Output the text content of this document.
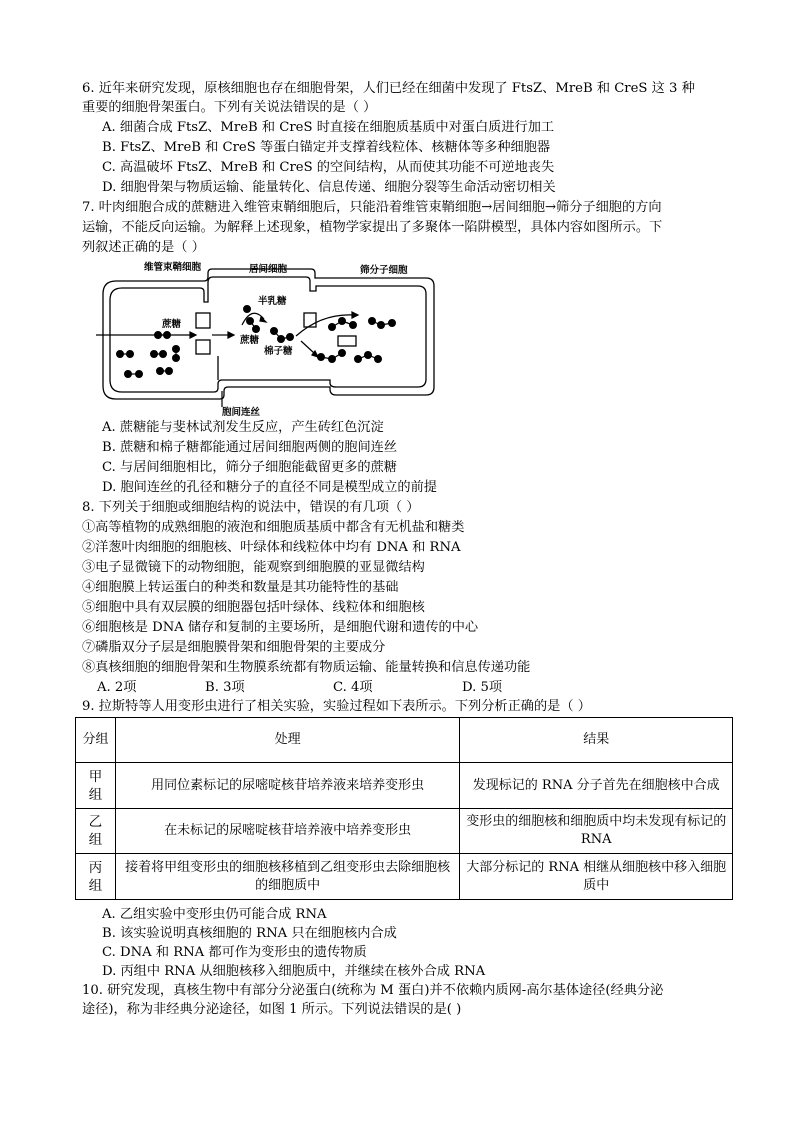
6. 近年来研究发现，原核细胞也存在细胞骨架，人们已经在细菌中发现了 FtsZ、MreB 和 CreS 这 3 种
重要的细胞骨架蛋白。下列有关说法错误的是（ ）
A. 细菌合成 FtsZ、MreB 和 CreS 时直接在细胞质基质中对蛋白质进行加工
B. FtsZ、MreB 和 CreS 等蛋白锚定并支撑着线粒体、核糖体等多种细胞器
C. 高温破坏 FtsZ、MreB 和 CreS 的空间结构，从而使其功能不可逆地丧失
D. 细胞骨架与物质运输、能量转化、信息传递、细胞分裂等生命活动密切相关
7. 叶肉细胞合成的蔗糖进入维管束鞘细胞后，只能沿着维管束鞘细胞→居间细胞→筛分子细胞的方向
运输，不能反向运输。为解释上述现象，植物学家提出了多聚体一陷阱模型，具体内容如图所示。下
列叙述正确的是（ ）
维管束鞘细胞	居间细胞	筛分子细胞
半乳糖
蔗糖
蔗糖
棉子糖
胞间连丝
A. 蔗糖能与斐林试剂发生反应，产生砖红色沉淀
B. 蔗糖和棉子糖都能通过居间细胞两侧的胞间连丝
C. 与居间细胞相比，筛分子细胞能截留更多的蔗糖
D. 胞间连丝的孔径和糖分子的直径不同是模型成立的前提
8. 下列关于细胞或细胞结构的说法中，错误的有几项（ ）
①高等植物的成熟细胞的液泡和细胞质基质中都含有无机盐和糖类
②洋葱叶肉细胞的细胞核、叶绿体和线粒体中均有 DNA 和 RNA
③电子显微镜下的动物细胞，能观察到细胞膜的亚显微结构
④细胞膜上转运蛋白的种类和数量是其功能特性的基础
⑤细胞中具有双层膜的细胞器包括叶绿体、线粒体和细胞核
⑥细胞核是 DNA 储存和复制的主要场所，是细胞代谢和遗传的中心
⑦磷脂双分子层是细胞膜骨架和细胞骨架的主要成分
⑧真核细胞的细胞骨架和生物膜系统都有物质运输、能量转换和信息传递功能
A. 2项	B. 3项	C. 4项	D. 5项
9. 拉斯特等人用变形虫进行了相关实验，实验过程如下表所示。下列分析正确的是（ ）
分组	处理	结果

甲组	用同位素标记的尿嘧啶核苷培养液来培养变形虫	发现标记的 RNA 分子首先在细胞核中合成

乙组	在未标记的尿嘧啶核苷培养液中培养变形虫	变形虫的细胞核和细胞质中均未发现有标记的 RNA

丙组	接着将甲组变形虫的细胞核移植到乙组变形虫去除细胞核的细胞质中	大部分标记的 RNA 相继从细胞核中移入细胞质中
A. 乙组实验中变形虫仍可能合成 RNA
B. 该实验说明真核细胞的 RNA 只在细胞核内合成
C. DNA 和 RNA 都可作为变形虫的遗传物质
D. 丙组中 RNA 从细胞核移入细胞质中，并继续在核外合成 RNA
10. 研究发现，真核生物中有部分分泌蛋白(统称为 M 蛋白)并不依赖内质网-高尔基体途径(经典分泌
途径)，称为非经典分泌途径，如图 1 所示。下列说法错误的是( )
